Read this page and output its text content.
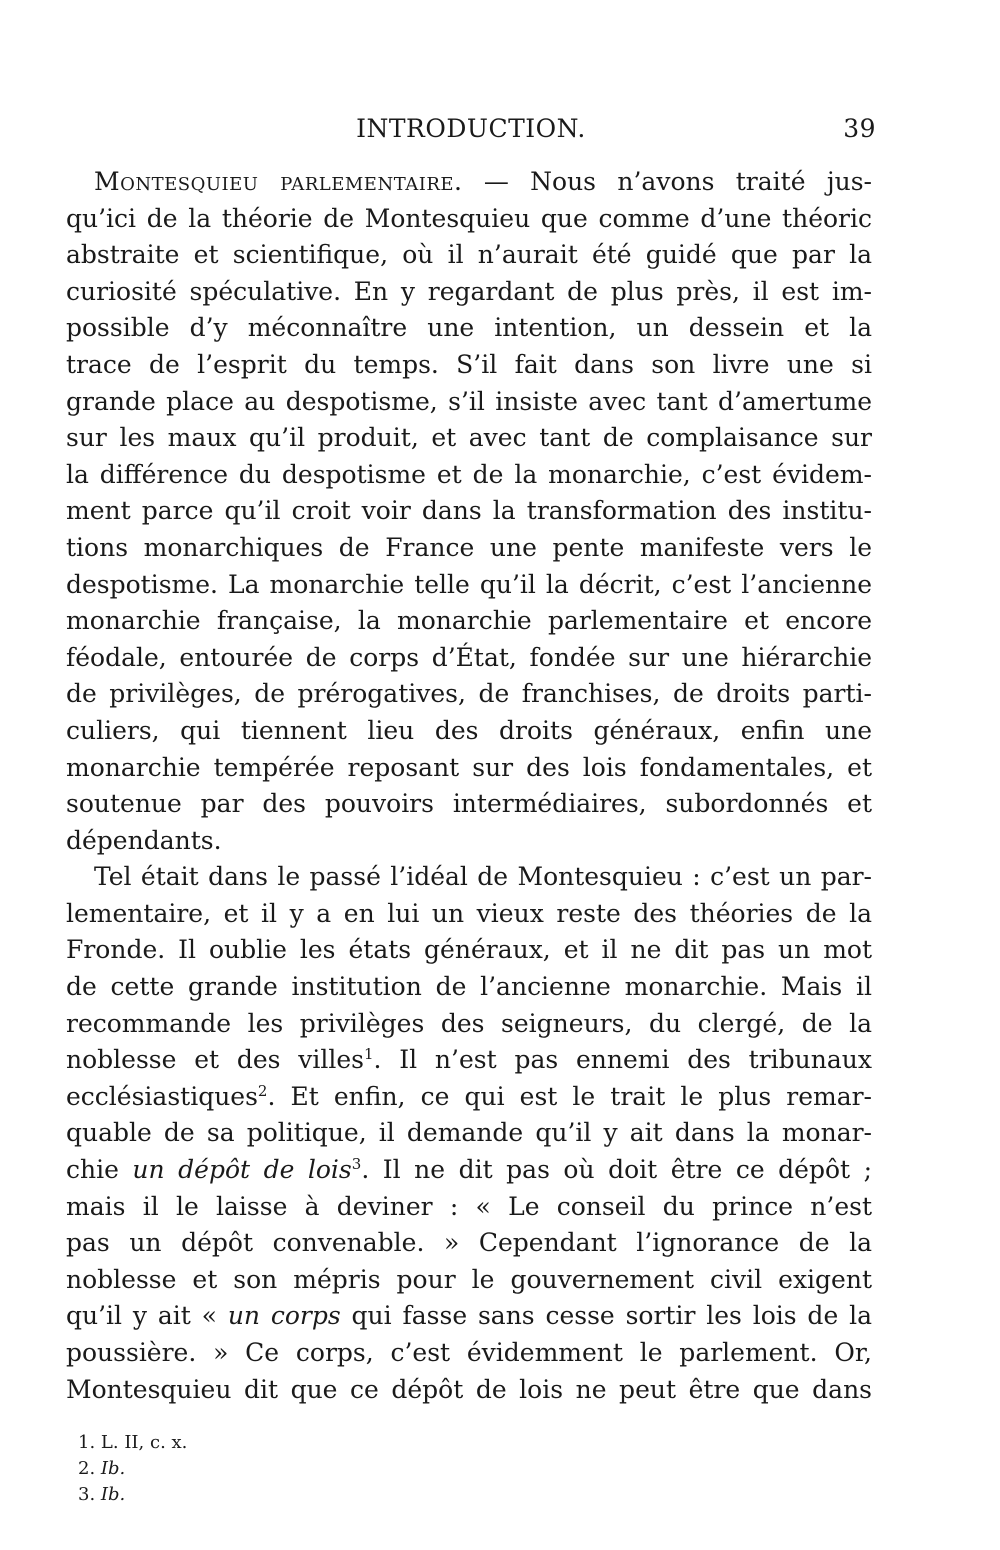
INTRODUCTION.	39
Montesquieu parlementaire. — Nous n’avons traité jus-
qu’ici de la théorie de Montesquieu que comme d’une théoric
abstraite et scientifique, où il n’aurait été guidé que par la
curiosité spéculative. En y regardant de plus près, il est im-
possible d’y méconnaître une intention, un dessein et la
trace de l’esprit du temps. S’il fait dans son livre une si
grande place au despotisme, s’il insiste avec tant d’amertume
sur les maux qu’il produit, et avec tant de complaisance sur
la différence du despotisme et de la monarchie, c’est évidem-
ment parce qu’il croit voir dans la transformation des institu-
tions monarchiques de France une pente manifeste vers le
despotisme. La monarchie telle qu’il la décrit, c’est l’ancienne
monarchie française, la monarchie parlementaire et encore
féodale, entourée de corps d’État, fondée sur une hiérarchie
de privilèges, de prérogatives, de franchises, de droits parti-
culiers, qui tiennent lieu des droits généraux, enfin une
monarchie tempérée reposant sur des lois fondamentales, et
soutenue par des pouvoirs intermédiaires, subordonnés et
dépendants.
Tel était dans le passé l’idéal de Montesquieu : c’est un par-
lementaire, et il y a en lui un vieux reste des théories de la
Fronde. Il oublie les états généraux, et il ne dit pas un mot
de cette grande institution de l’ancienne monarchie. Mais il
recommande les privilèges des seigneurs, du clergé, de la
noblesse et des villes$^1$. Il n’est pas ennemi des tribunaux
ecclésiastiques$^2$. Et enfin, ce qui est le trait le plus remar-
quable de sa politique, il demande qu’il y ait dans la monar-
chie un dépôt de lois$^3$. Il ne dit pas où doit être ce dépôt ;
mais il le laisse à deviner : « Le conseil du prince n’est
pas un dépôt convenable. » Cependant l’ignorance de la
noblesse et son mépris pour le gouvernement civil exigent
qu’il y ait « un corps qui fasse sans cesse sortir les lois de la
poussière. » Ce corps, c’est évidemment le parlement. Or,
Montesquieu dit que ce dépôt de lois ne peut être que dans
1. L. II, c. x.
2. Ib.
3. Ib.
